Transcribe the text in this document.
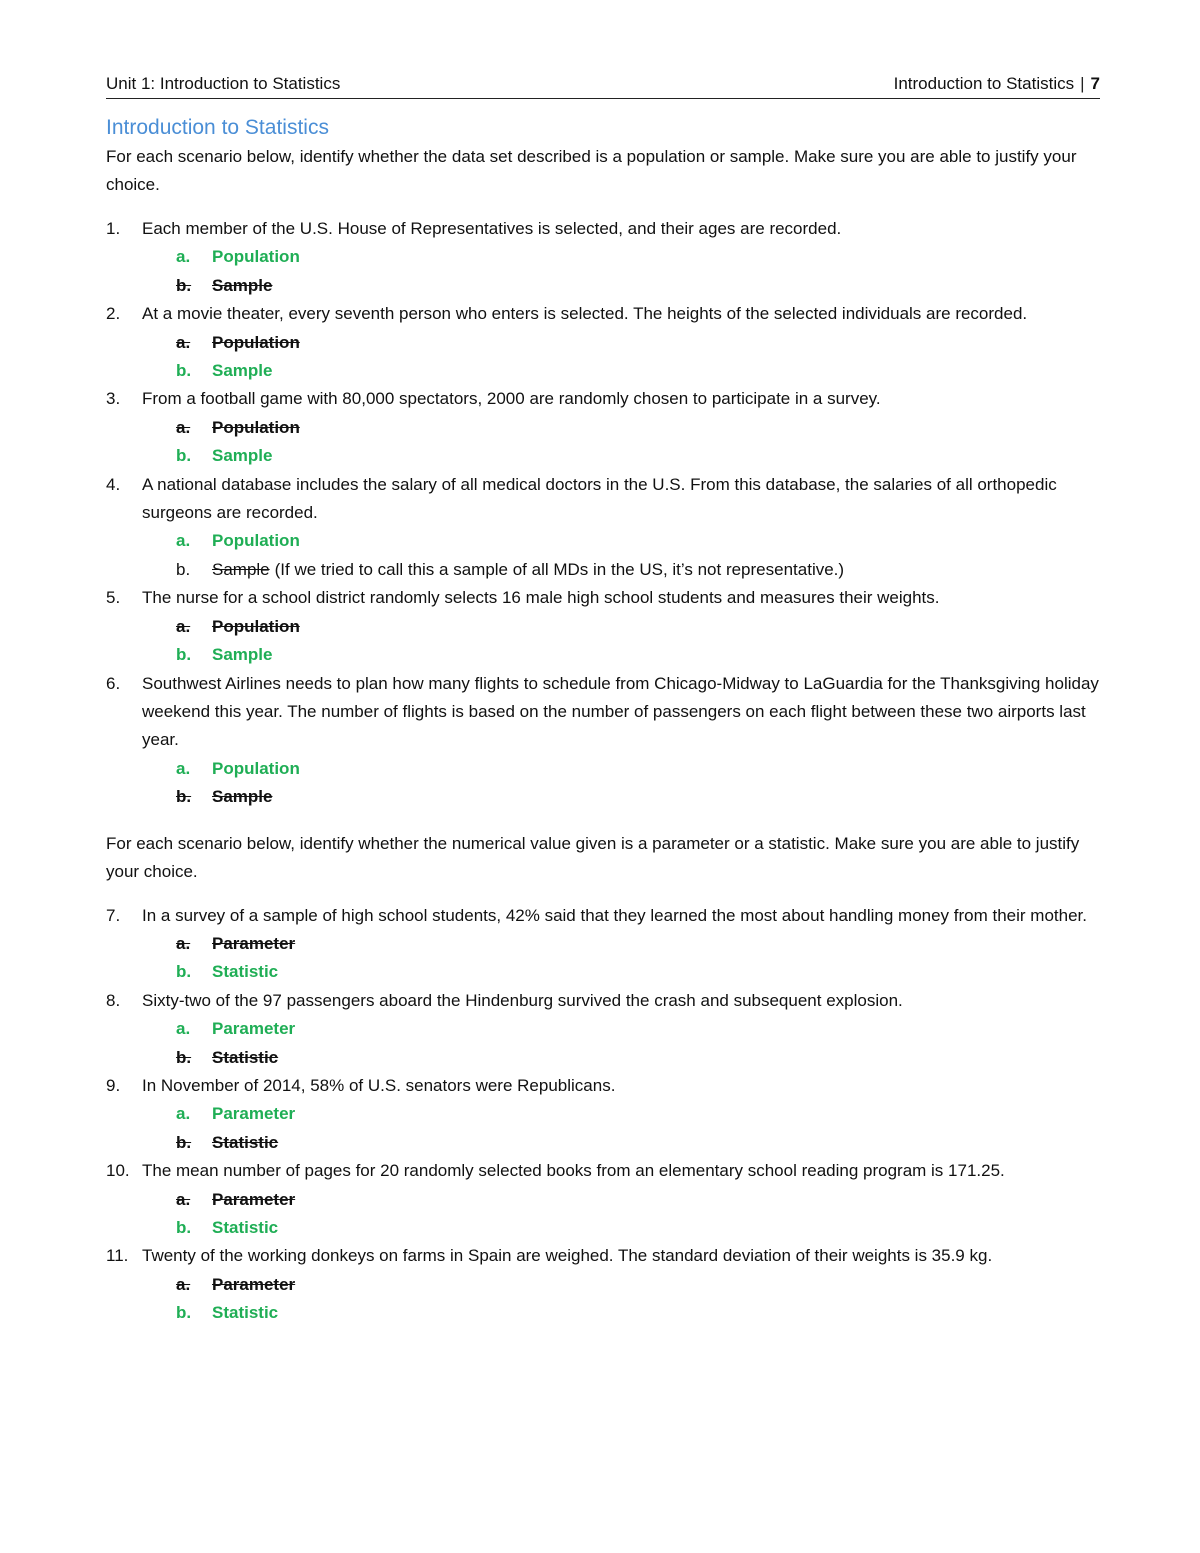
Unit 1: Introduction to Statistics	Introduction to Statistics | 7
Introduction to Statistics

For each scenario below, identify whether the data set described is a population or sample. Make sure you are able to justify your choice.

1. Each member of the U.S. House of Representatives is selected, and their ages are recorded.
a. Population
b.	Sample
2. At a movie theater, every seventh person who enters is selected. The heights of the selected individuals are recorded.
a.	Population
b. Sample
3. From a football game with 80,000 spectators, 2000 are randomly chosen to participate in a survey.
a.	Population
b. Sample
4. A national database includes the salary of all medical doctors in the U.S. From this database, the salaries of all orthopedic surgeons are recorded.
a. Population
b. Sample (If we tried to call this a sample of all MDs in the US, it’s not representative.)
5. The nurse for a school district randomly selects 16 male high school students and measures their weights.
a.	Population
b. Sample
6. Southwest Airlines needs to plan how many flights to schedule from Chicago-Midway to LaGuardia for the Thanksgiving holiday weekend this year. The number of flights is based on the number of passengers on each flight between these two airports last year.
a. Population
b.	Sample

For each scenario below, identify whether the numerical value given is a parameter or a statistic. Make sure you are able to justify your choice.

7. In a survey of a sample of high school students, 42% said that they learned the most about handling money from their mother.
a.	Parameter
b. Statistic
8. Sixty-two of the 97 passengers aboard the Hindenburg survived the crash and subsequent explosion.
a. Parameter
b.	Statistic
9. In November of 2014, 58% of U.S. senators were Republicans.
a. Parameter
b.	Statistic
10. The mean number of pages for 20 randomly selected books from an elementary school reading program is 171.25.
a.	Parameter
b. Statistic
11. Twenty of the working donkeys on farms in Spain are weighed. The standard deviation of their weights is 35.9 kg.
a.	Parameter
b. Statistic
